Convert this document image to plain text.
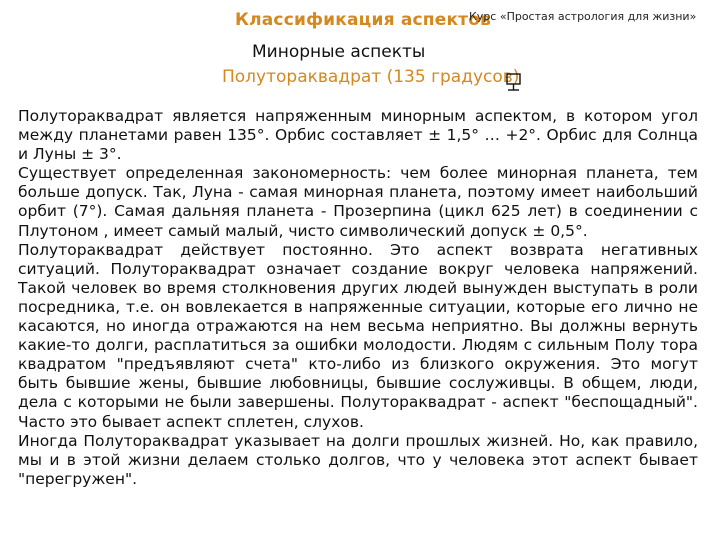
Классификация аспектов
Курс «Простая астрология для жизни»
Минорные аспекты
Полутораквадрат (135 градусов)

Полутораквадрат является напряженным минорным аспектом, в котором угол между планетами равен 135°. Орбис составляет ± 1,5° … +2°. Орбис для Солнца и Луны ± 3°.

Существует определенная закономерность: чем более минорная планета, тем больше допуск. Так, Луна - самая минорная планета, поэтому имеет наибольший орбит (7°). Самая дальняя планета - Прозерпина (цикл 625 лет) в соединении с Плутоном , имеет самый малый, чисто символический допуск ± 0,5°.

Полутораквадрат действует постоянно. Это аспект возврата негативных ситуаций. Полутораквадрат означает создание вокруг человека напряжений. Такой человек во время столкновения других людей вынужден выступать в роли посредника, т.е. он вовлекается в напряженные ситуации, которые его лично не касаются, но иногда отражаются на нем весьма неприятно. Вы должны вернуть какие-то долги, расплатиться за ошибки молодости. Людям с сильным Полу тора квадратом "предъявляют счета" кто-либо из близкого окружения. Это могут быть бывшие жены, бывшие любовницы, бывшие сослуживцы. В общем, люди, дела с которыми не были завершены. Полутораквадрат - аспект "беспощадный". Часто это бывает аспект сплетен, слухов.

Иногда Полутораквадрат указывает на долги прошлых жизней. Но, как правило, мы и в этой жизни делаем столько долгов, что у человека этот аспект бывает "перегружен".
